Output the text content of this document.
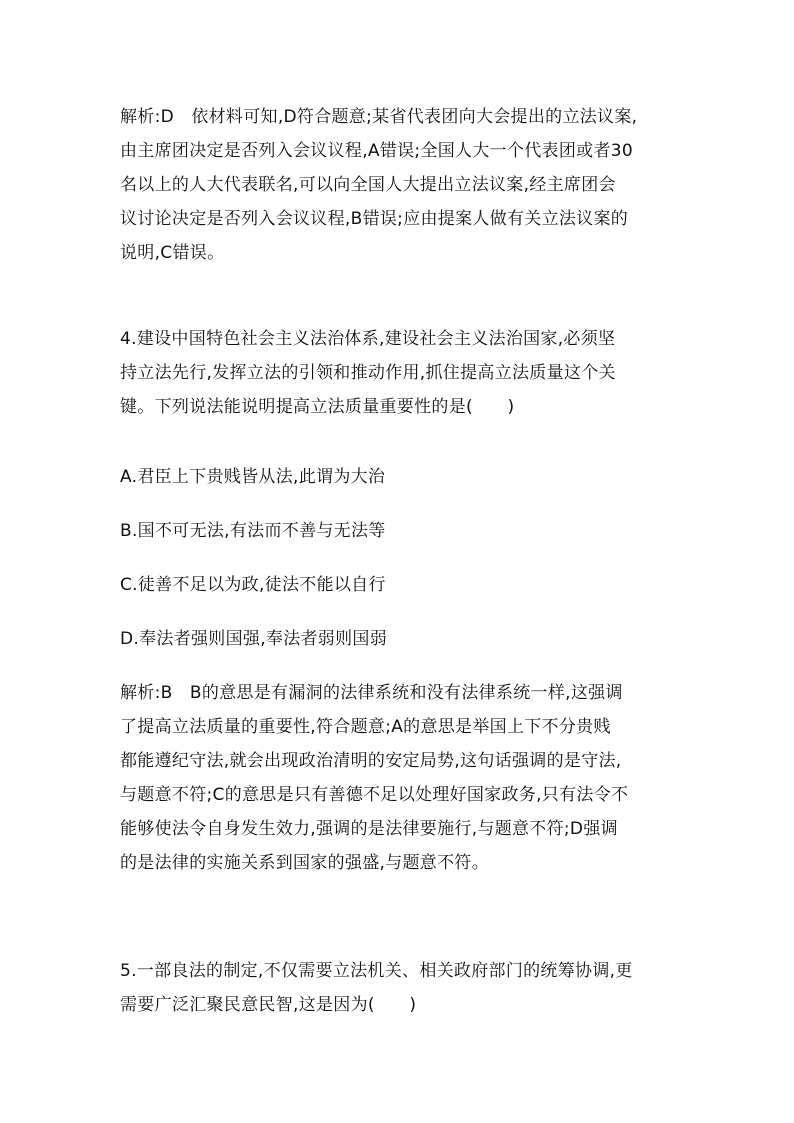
解析:D　依材料可知,D符合题意;某省代表团向大会提出的立法议案,
由主席团决定是否列入会议议程,A错误;全国人大一个代表团或者30
名以上的人大代表联名,可以向全国人大提出立法议案,经主席团会
议讨论决定是否列入会议议程,B错误;应由提案人做有关立法议案的
说明,C错误。
4.建设中国特色社会主义法治体系,建设社会主义法治国家,必须坚
持立法先行,发挥立法的引领和推动作用,抓住提高立法质量这个关
键。下列说法能说明提高立法质量重要性的是(　　)
A.君臣上下贵贱皆从法,此谓为大治
B.国不可无法,有法而不善与无法等
C.徒善不足以为政,徒法不能以自行
D.奉法者强则国强,奉法者弱则国弱
解析:B　B的意思是有漏洞的法律系统和没有法律系统一样,这强调
了提高立法质量的重要性,符合题意;A的意思是举国上下不分贵贱
都能遵纪守法,就会出现政治清明的安定局势,这句话强调的是守法,
与题意不符;C的意思是只有善德不足以处理好国家政务,只有法令不
能够使法令自身发生效力,强调的是法律要施行,与题意不符;D强调
的是法律的实施关系到国家的强盛,与题意不符。
5.一部良法的制定,不仅需要立法机关、相关政府部门的统筹协调,更
需要广泛汇聚民意民智,这是因为(　　)
